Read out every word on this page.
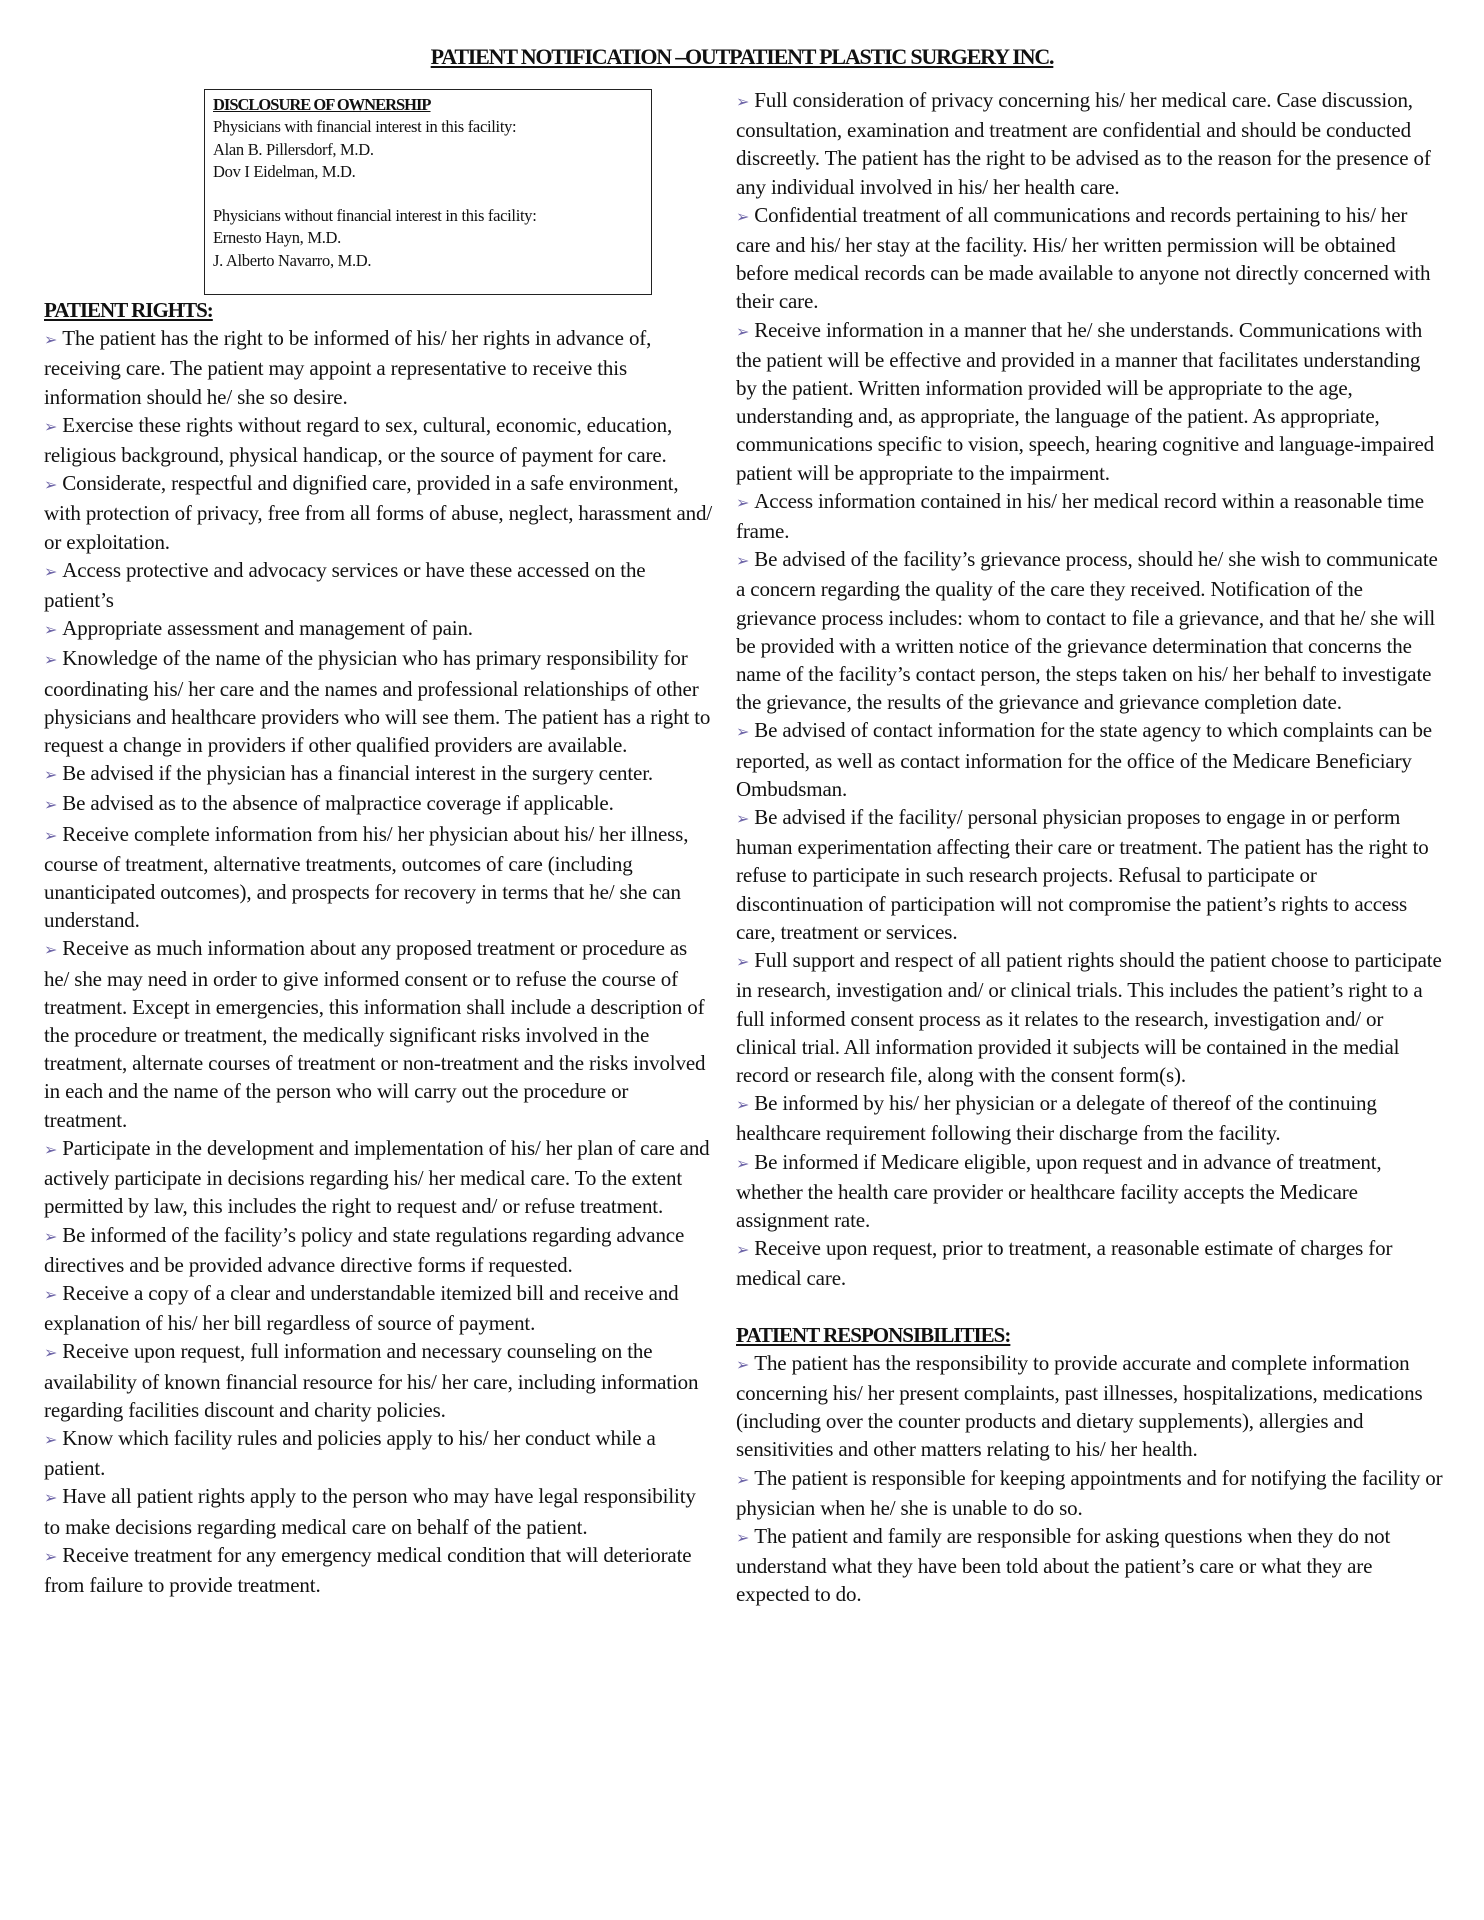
PATIENT NOTIFICATION –OUTPATIENT PLASTIC SURGERY INC.
DISCLOSURE OF OWNERSHIP
Physicians with financial interest in this facility:
Alan B. Pillersdorf, M.D.
Dov I Eidelman, M.D.
Physicians without financial interest in this facility:
Ernesto Hayn, M.D.
J. Alberto Navarro, M.D.

PATIENT RIGHTS:

➢ The patient has the right to be informed of his/ her rights in advance of, receiving care. The patient may appoint a representative to receive this information should he/ she so desire.

➢ Exercise these rights without regard to sex, cultural, economic, education, religious background, physical handicap, or the source of payment for care.

➢ Considerate, respectful and dignified care, provided in a safe environment, with protection of privacy, free from all forms of abuse, neglect, harassment and/ or exploitation.

➢ Access protective and advocacy services or have these accessed on the patient’s

➢ Appropriate assessment and management of pain.

➢ Knowledge of the name of the physician who has primary responsibility for coordinating his/ her care and the names and professional relationships of other physicians and healthcare providers who will see them. The patient has a right to request a change in providers if other qualified providers are available.

➢ Be advised if the physician has a financial interest in the surgery center.

➢ Be advised as to the absence of malpractice coverage if applicable.

➢ Receive complete information from his/ her physician about his/ her illness, course of treatment, alternative treatments, outcomes of care (including unanticipated outcomes), and prospects for recovery in terms that he/ she can understand.

➢ Receive as much information about any proposed treatment or procedure as he/ she may need in order to give informed consent or to refuse the course of treatment. Except in emergencies, this information shall include a description of the procedure or treatment, the medically significant risks involved in the treatment, alternate courses of treatment or non-treatment and the risks involved in each and the name of the person who will carry out the procedure or treatment.

➢ Participate in the development and implementation of his/ her plan of care and actively participate in decisions regarding his/ her medical care. To the extent permitted by law, this includes the right to request and/ or refuse treatment.

➢ Be informed of the facility’s policy and state regulations regarding advance directives and be provided advance directive forms if requested.

➢ Receive a copy of a clear and understandable itemized bill and receive and explanation of his/ her bill regardless of source of payment.

➢ Receive upon request, full information and necessary counseling on the availability of known financial resource for his/ her care, including information regarding facilities discount and charity policies.

➢ Know which facility rules and policies apply to his/ her conduct while a patient.

➢ Have all patient rights apply to the person who may have legal responsibility to make decisions regarding medical care on behalf of the patient.

➢ Receive treatment for any emergency medical condition that will deteriorate from failure to provide treatment.

➢ Full consideration of privacy concerning his/ her medical care. Case discussion, consultation, examination and treatment are confidential and should be conducted discreetly. The patient has the right to be advised as to the reason for the presence of any individual involved in his/ her health care.

➢ Confidential treatment of all communications and records pertaining to his/ her care and his/ her stay at the facility. His/ her written permission will be obtained before medical records can be made available to anyone not directly concerned with their care.

➢ Receive information in a manner that he/ she understands. Communications with the patient will be effective and provided in a manner that facilitates understanding by the patient. Written information provided will be appropriate to the age, understanding and, as appropriate, the language of the patient. As appropriate, communications specific to vision, speech, hearing cognitive and language-impaired patient will be appropriate to the impairment.

➢ Access information contained in his/ her medical record within a reasonable time frame.

➢ Be advised of the facility’s grievance process, should he/ she wish to communicate a concern regarding the quality of the care they received. Notification of the grievance process includes: whom to contact to file a grievance, and that he/ she will be provided with a written notice of the grievance determination that concerns the name of the facility’s contact person, the steps taken on his/ her behalf to investigate the grievance, the results of the grievance and grievance completion date.

➢ Be advised of contact information for the state agency to which complaints can be reported, as well as contact information for the office of the Medicare Beneficiary Ombudsman.

➢ Be advised if the facility/ personal physician proposes to engage in or perform human experimentation affecting their care or treatment. The patient has the right to refuse to participate in such research projects. Refusal to participate or discontinuation of participation will not compromise the patient’s rights to access care, treatment or services.

➢ Full support and respect of all patient rights should the patient choose to participate in research, investigation and/ or clinical trials. This includes the patient’s right to a full informed consent process as it relates to the research, investigation and/ or clinical trial. All information provided it subjects will be contained in the medial record or research file, along with the consent form(s).

➢ Be informed by his/ her physician or a delegate of thereof of the continuing healthcare requirement following their discharge from the facility.

➢ Be informed if Medicare eligible, upon request and in advance of treatment, whether the health care provider or healthcare facility accepts the Medicare assignment rate.

➢ Receive upon request, prior to treatment, a reasonable estimate of charges for medical care.

PATIENT RESPONSIBILITIES:

➢ The patient has the responsibility to provide accurate and complete information concerning his/ her present complaints, past illnesses, hospitalizations, medications (including over the counter products and dietary supplements), allergies and sensitivities and other matters relating to his/ her health.

➢ The patient is responsible for keeping appointments and for notifying the facility or physician when he/ she is unable to do so.

➢ The patient and family are responsible for asking questions when they do not understand what they have been told about the patient’s care or what they are expected to do.
